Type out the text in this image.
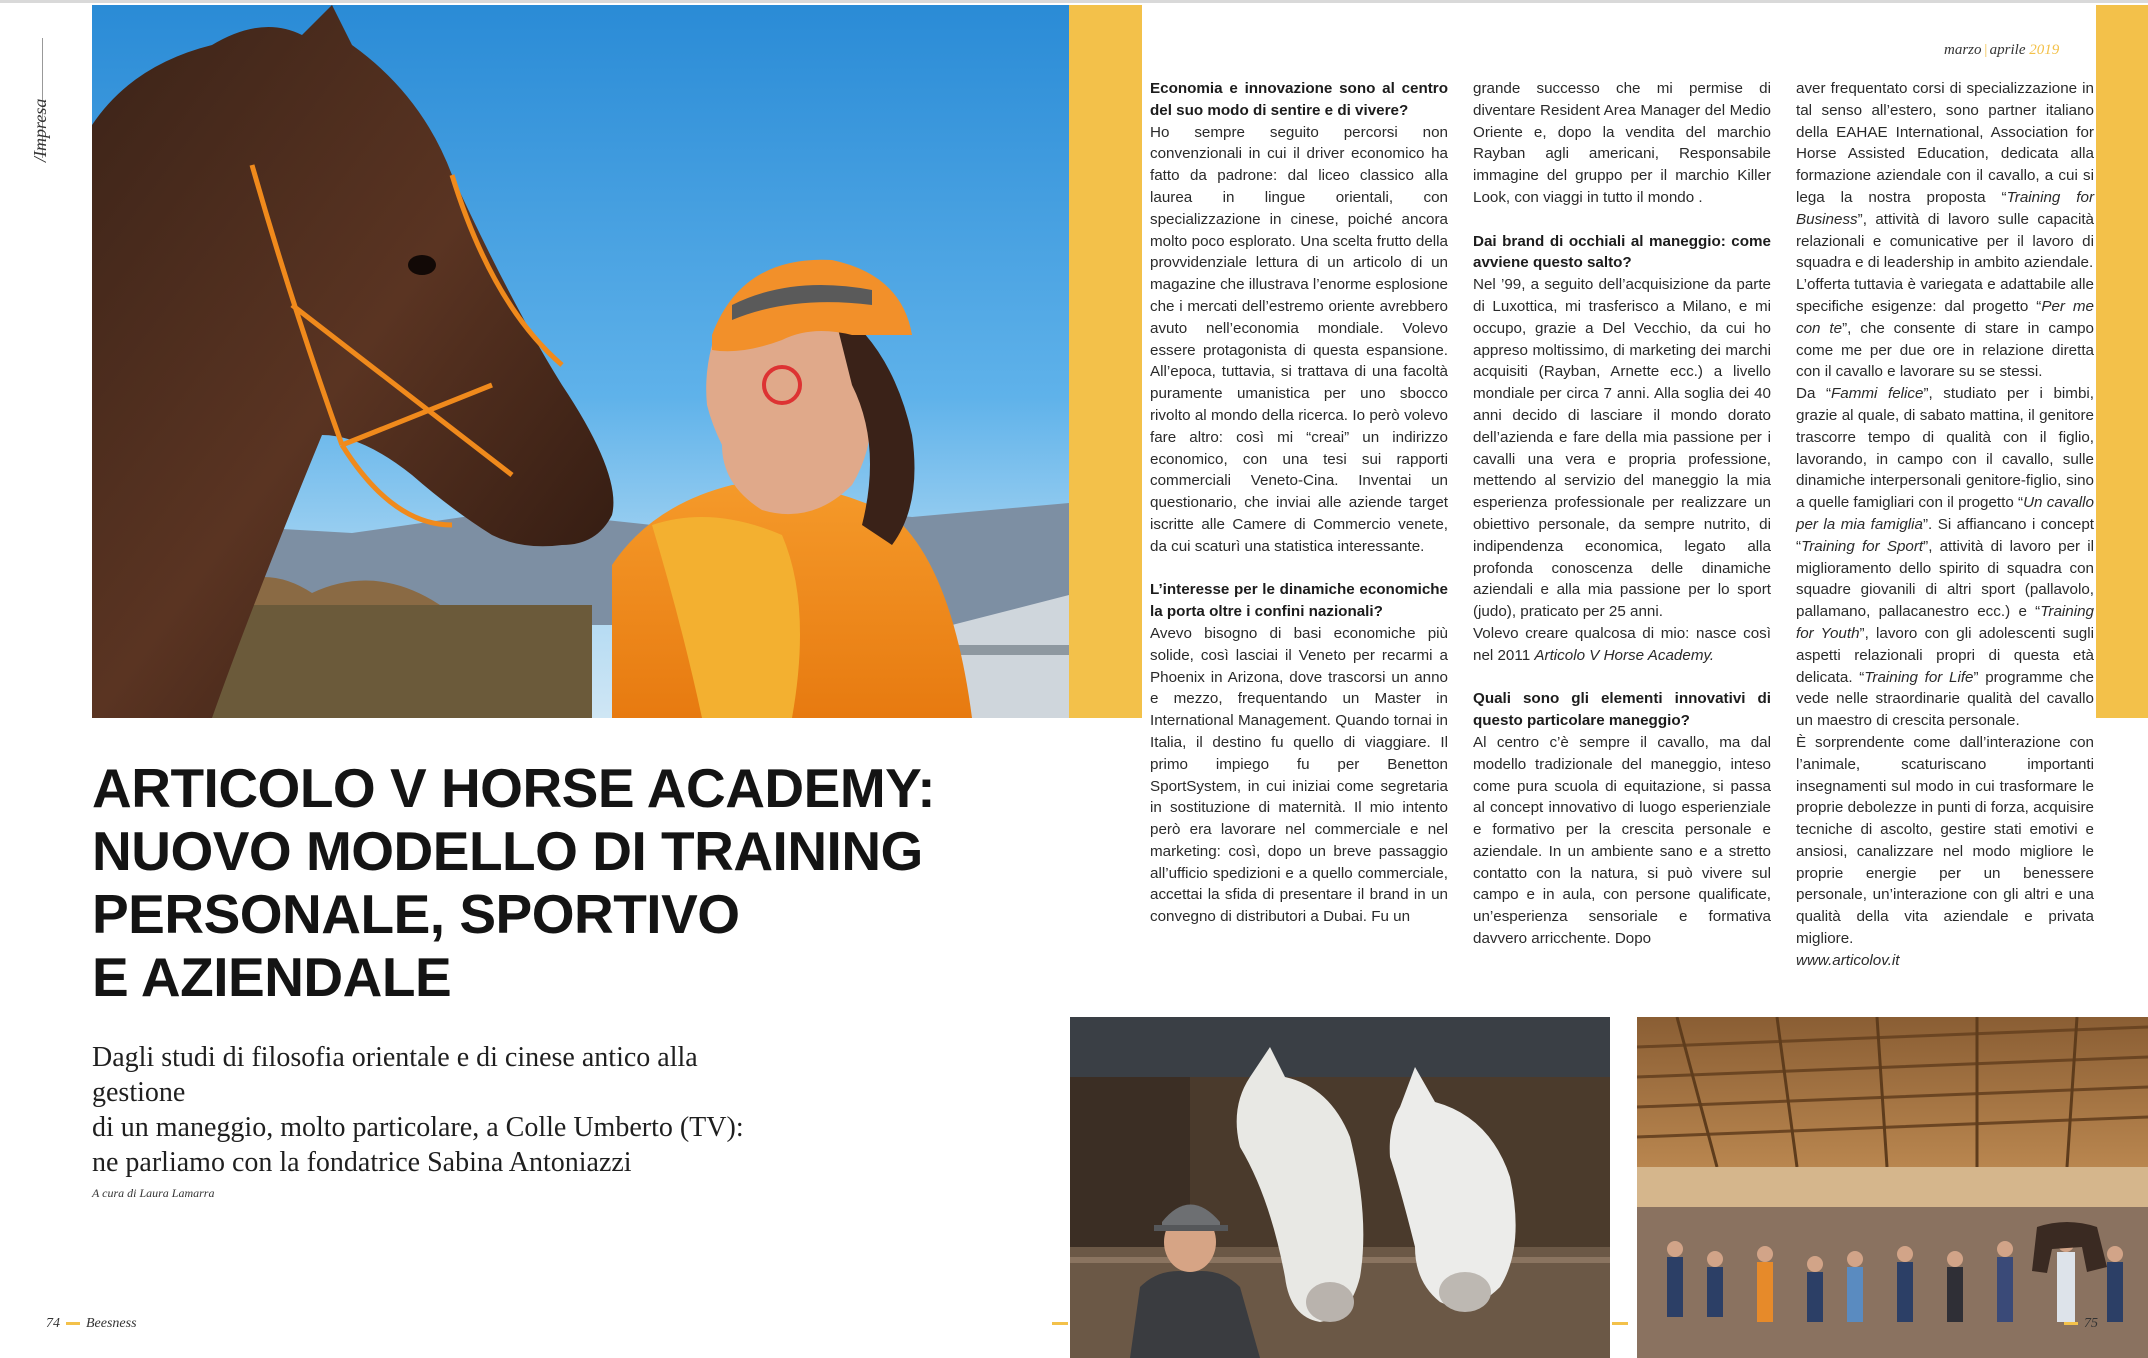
/Impresa
ARTICOLO V HORSE ACADEMY:
NUOVO MODELLO DI TRAINING
PERSONALE, SPORTIVO
E AZIENDALE
Dagli studi di filosofia orientale e di cinese antico alla gestione
di un maneggio, molto particolare, a Colle Umberto (TV):
ne parliamo con la fondatrice Sabina Antoniazzi
A cura di Laura Lamarra
marzo | aprile 2019

Economia e innovazione sono al centro del suo modo di sentire e di vivere?

Ho sempre seguito percorsi non convenzionali in cui il driver economico ha fatto da padrone: dal liceo classico alla laurea in lingue orientali, con specializzazione in cinese, poiché ancora molto poco esplorato. Una scelta frutto della provvidenziale lettura di un articolo di un magazine che illustrava l’enorme esplosione che i mercati dell’estremo oriente avrebbero avuto nell’economia mondiale. Volevo essere protagonista di questa espansione. All’epoca, tuttavia, si trattava di una facoltà puramente umanistica per uno sbocco rivolto al mondo della ricerca. Io però volevo fare altro: così mi “creai” un indirizzo economico, con una tesi sui rapporti commerciali Veneto-Cina. Inventai un questionario, che inviai alle aziende target iscritte alle Camere di Commercio venete, da cui scaturì una statistica interessante.

L’interesse per le dinamiche economiche la porta oltre i confini nazionali?

Avevo bisogno di basi economiche più solide, così lasciai il Veneto per recarmi a Phoenix in Arizona, dove trascorsi un anno e mezzo, frequentando un Master in International Management. Quando tornai in Italia, il destino fu quello di viaggiare. Il primo impiego fu per Benetton SportSystem, in cui iniziai come segretaria in sostituzione di maternità. Il mio intento però era lavorare nel commerciale e nel marketing: così, dopo un breve passaggio all’ufficio spedizioni e a quello commerciale, accettai la sfida di presentare il brand in un convegno di distributori a Dubai. Fu un

grande successo che mi permise di diventare Resident Area Manager del Medio Oriente e, dopo la vendita del marchio Rayban agli americani, Responsabile immagine del gruppo per il marchio Killer Look, con viaggi in tutto il mondo .

Dai brand di occhiali al maneggio: come avviene questo salto?

Nel ’99, a seguito dell’acquisizione da parte di Luxottica, mi trasferisco a Milano, e mi occupo, grazie a Del Vecchio, da cui ho appreso moltissimo, di marketing dei marchi acquisiti (Rayban, Arnette ecc.) a livello mondiale per circa 7 anni. Alla soglia dei 40 anni decido di lasciare il mondo dorato dell’azienda e fare della mia passione per i cavalli una vera e propria professione, mettendo al servizio del maneggio la mia esperienza professionale per realizzare un obiettivo personale, da sempre nutrito, di indipendenza economica, legato alla profonda conoscenza delle dinamiche aziendali e alla mia passione per lo sport (judo), praticato per 25 anni.

Volevo creare qualcosa di mio: nasce così nel 2011 Articolo V Horse Academy.

Quali sono gli elementi innovativi di questo particolare maneggio?

Al centro c’è sempre il cavallo, ma dal modello tradizionale del maneggio, inteso come pura scuola di equitazione, si passa al concept innovativo di luogo esperienziale e formativo per la crescita personale e aziendale. In un ambiente sano e a stretto contatto con la natura, si può vivere sul campo e in aula, con persone qualificate, un’esperienza sensoriale e formativa davvero arricchente. Dopo

aver frequentato corsi di specializzazione in tal senso all’estero, sono partner italiano della EAHAE International, Association for Horse Assisted Education, dedicata alla formazione aziendale con il cavallo, a cui si lega la nostra proposta “Training for Business”, attività di lavoro sulle capacità relazionali e comunicative per il lavoro di squadra e di leadership in ambito aziendale.

L’offerta tuttavia è variegata e adattabile alle specifiche esigenze: dal progetto “Per me con te”, che consente di stare in campo come me per due ore in relazione diretta con il cavallo e lavorare su se stessi.

Da “Fammi felice”, studiato per i bimbi, grazie al quale, di sabato mattina, il genitore trascorre tempo di qualità con il figlio, lavorando, in campo con il cavallo, sulle dinamiche interpersonali genitore-figlio, sino a quelle famigliari con il progetto “Un cavallo per la mia famiglia”. Si affiancano i concept “Training for Sport”, attività di lavoro per il miglioramento dello spirito di squadra con squadre giovanili di altri sport (pallavolo, pallamano, pallacanestro ecc.) e “Training for Youth”, lavoro con gli adolescenti sugli aspetti relazionali propri di questa età delicata. “Training for Life” programme che vede nelle straordinarie qualità del cavallo un maestro di crescita personale.

È sorprendente come dall’interazione con l’animale, scaturiscano importanti insegnamenti sul modo in cui trasformare le proprie debolezze in punti di forza, acquisire tecniche di ascolto, gestire stati emotivi e ansiosi, canalizzare nel modo migliore le proprie energie per un benessere personale, un’interazione con gli altri e una qualità della vita aziendale e privata migliore.

www.articolov.it

74 Beesness	75
